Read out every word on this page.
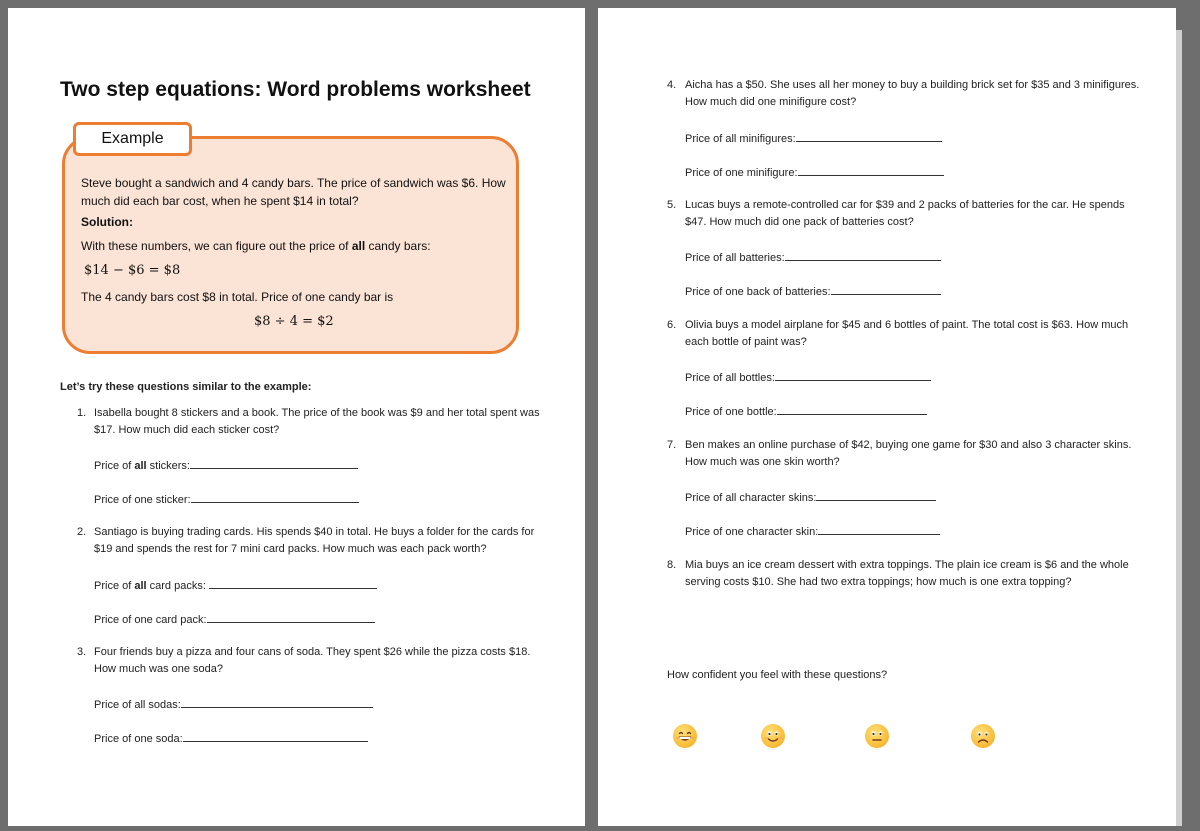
Two step equations: Word problems worksheet
Example
Steve bought a sandwich and 4 candy bars. The price of sandwich was $6. How
much did each bar cost, when he spent $14 in total?
Solution:
With these numbers, we can figure out the price of all candy bars:
$14 − $6 = $8
The 4 candy bars cost $8 in total. Price of one candy bar is
$8 ÷ 4 = $2
Let’s try these questions similar to the example:
1. Isabella bought 8 stickers and a book. The price of the book was $9 and her total spent was
$17. How much did each sticker cost?
Price of all stickers:
Price of one sticker:
2. Santiago is buying trading cards. His spends $40 in total. He buys a folder for the cards for
$19 and spends the rest for 7 mini card packs. How much was each pack worth?
Price of all card packs:
Price of one card pack:
3. Four friends buy a pizza and four cans of soda. They spent $26 while the pizza costs $18.
How much was one soda?
Price of all sodas:
Price of one soda:
4. Aicha has a $50. She uses all her money to buy a building brick set for $35 and 3 minifigures.
How much did one minifigure cost?
Price of all minifigures:
Price of one minifigure:
5. Lucas buys a remote-controlled car for $39 and 2 packs of batteries for the car. He spends
$47. How much did one pack of batteries cost?
Price of all batteries:
Price of one back of batteries:
6. Olivia buys a model airplane for $45 and 6 bottles of paint. The total cost is $63. How much
each bottle of paint was?
Price of all bottles:
Price of one bottle:
7. Ben makes an online purchase of $42, buying one game for $30 and also 3 character skins.
How much was one skin worth?
Price of all character skins:
Price of one character skin:
8. Mia buys an ice cream dessert with extra toppings. The plain ice cream is $6 and the whole
serving costs $10. She had two extra toppings; how much is one extra topping?
How confident you feel with these questions?
